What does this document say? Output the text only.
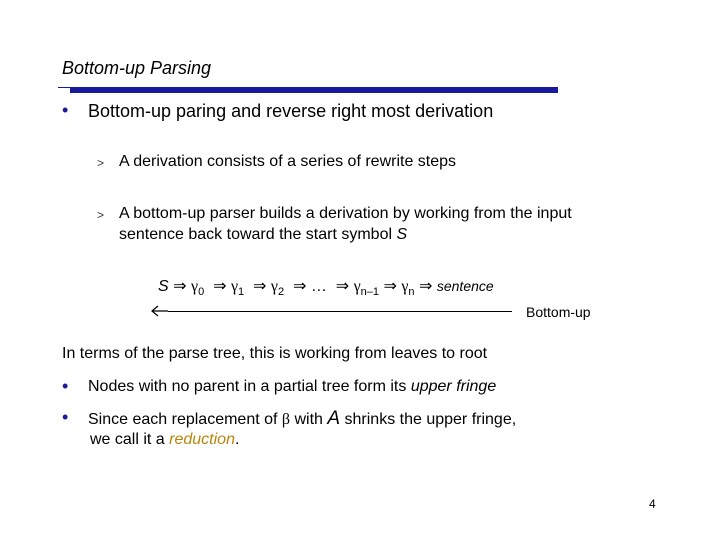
Bottom-up Parsing
• Bottom-up paring and reverse right most derivation
> A derivation consists of a series of rewrite steps
> A bottom-up parser builds a derivation by working from the input
sentence back toward the start symbol S
S ⇒ $\gamma_0$ ⇒ $\gamma_1$ ⇒ $\gamma_2$ ⇒ … ⇒ $\gamma_{n-1}$ ⇒ $\gamma_n$ ⇒ sentence
Bottom-up
In terms of the parse tree, this is working from leaves to root
• Nodes with no parent in a partial tree form its upper fringe
• Since each replacement of β with A shrinks the upper fringe,
we call it a reduction.
4
